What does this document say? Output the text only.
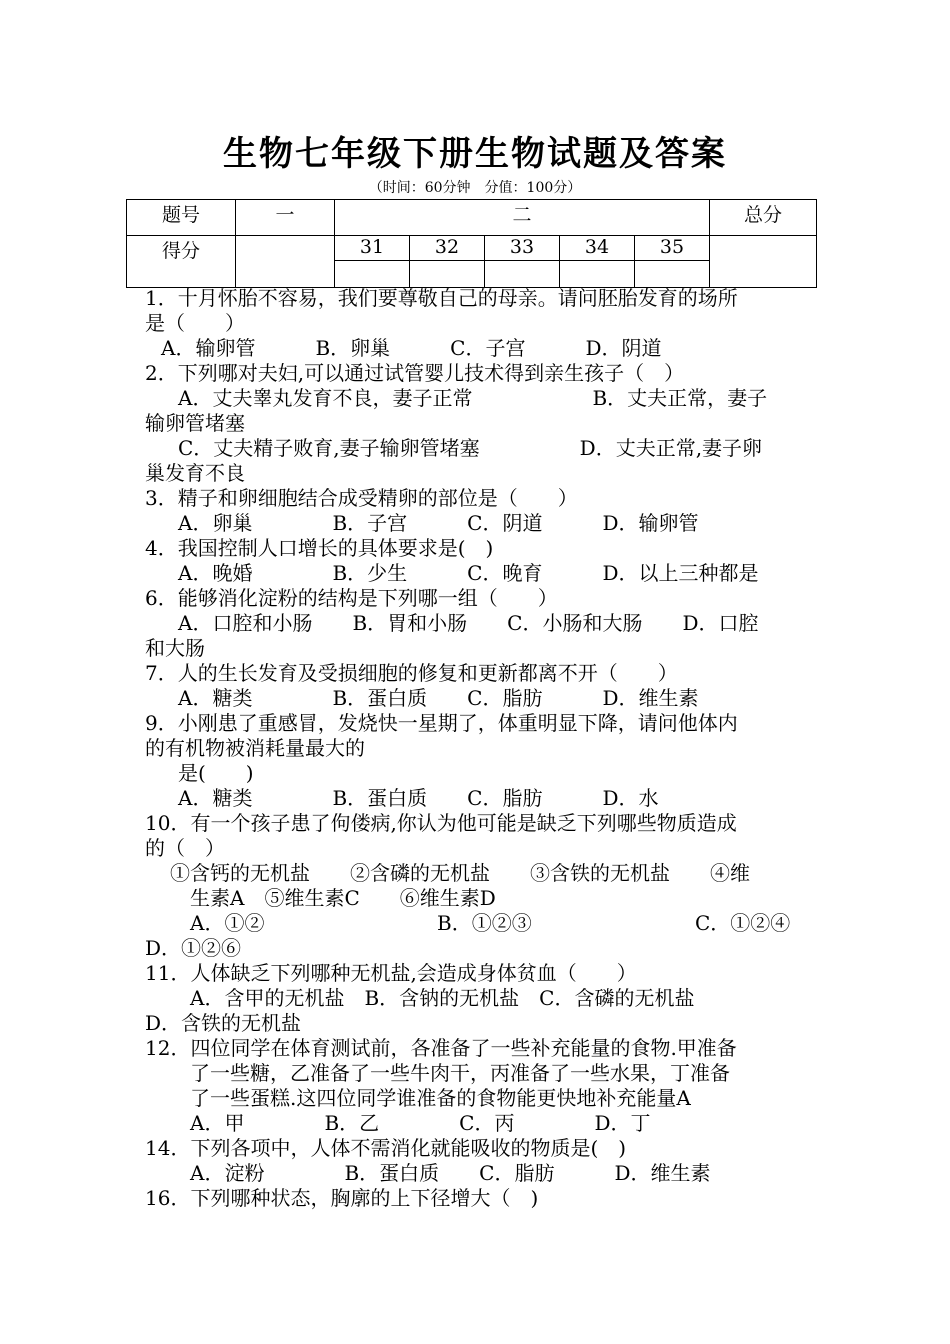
生物七年级下册生物试题及答案
（时间：60分钟　分值：100分）
题号	一	二					总分
得分		31	32	33	34	35	

1．十月怀胎不容易，我们要尊敬自己的母亲。请问胚胎发育的场所
是（　　）
A．输卵管　　　B．卵巢　　　C．子宫　　　D．阴道
2．下列哪对夫妇,可以通过试管婴儿技术得到亲生孩子（　）
A．丈夫睾丸发育不良，妻子正常　　　　　　B．丈夫正常，妻子
输卵管堵塞
C．丈夫精子败育,妻子输卵管堵塞　　　　　D．丈夫正常,妻子卵
巢发育不良
3．精子和卵细胞结合成受精卵的部位是（　　）
A．卵巢　　　　B．子宫　　　C．阴道　　　D．输卵管
4．我国控制人口增长的具体要求是(　)
A．晚婚　　　　B．少生　　　C．晚育　　　D．以上三种都是
6．能够消化淀粉的结构是下列哪一组（　　）
A．口腔和小肠　　B．胃和小肠　　C．小肠和大肠　　D．口腔
和大肠
7．人的生长发育及受损细胞的修复和更新都离不开（　　）
A．糖类　　　　B．蛋白质　　C．脂肪　　　D．维生素
9．小刚患了重感冒，发烧快一星期了，体重明显下降，请问他体内
的有机物被消耗量最大的
是(　　)
A．糖类　　　　B．蛋白质　　C．脂肪　　　D．水
10．有一个孩子患了佝偻病,你认为他可能是缺乏下列哪些物质造成
的（　）
①含钙的无机盐　　②含磷的无机盐　　③含铁的无机盐　　④维
生素A　⑤维生素C　　⑥维生素D
A．①②	B．①②③	C．①②④
D．①②⑥
11．人体缺乏下列哪种无机盐,会造成身体贫血（　　）
A．含甲的无机盐　B．含钠的无机盐　C．含磷的无机盐
D．含铁的无机盐
12．四位同学在体育测试前，各准备了一些补充能量的食物.甲准备
了一些糖，乙准备了一些牛肉干，丙准备了一些水果，丁准备
了一些蛋糕.这四位同学谁准备的食物能更快地补充能量A
A．甲　　　　B．乙　　　　C．丙　　　　D．丁
14．下列各项中，人体不需消化就能吸收的物质是(　)
A．淀粉　　　　B．蛋白质　　C．脂肪　　　D．维生素
16．下列哪种状态，胸廓的上下径增大（　)
